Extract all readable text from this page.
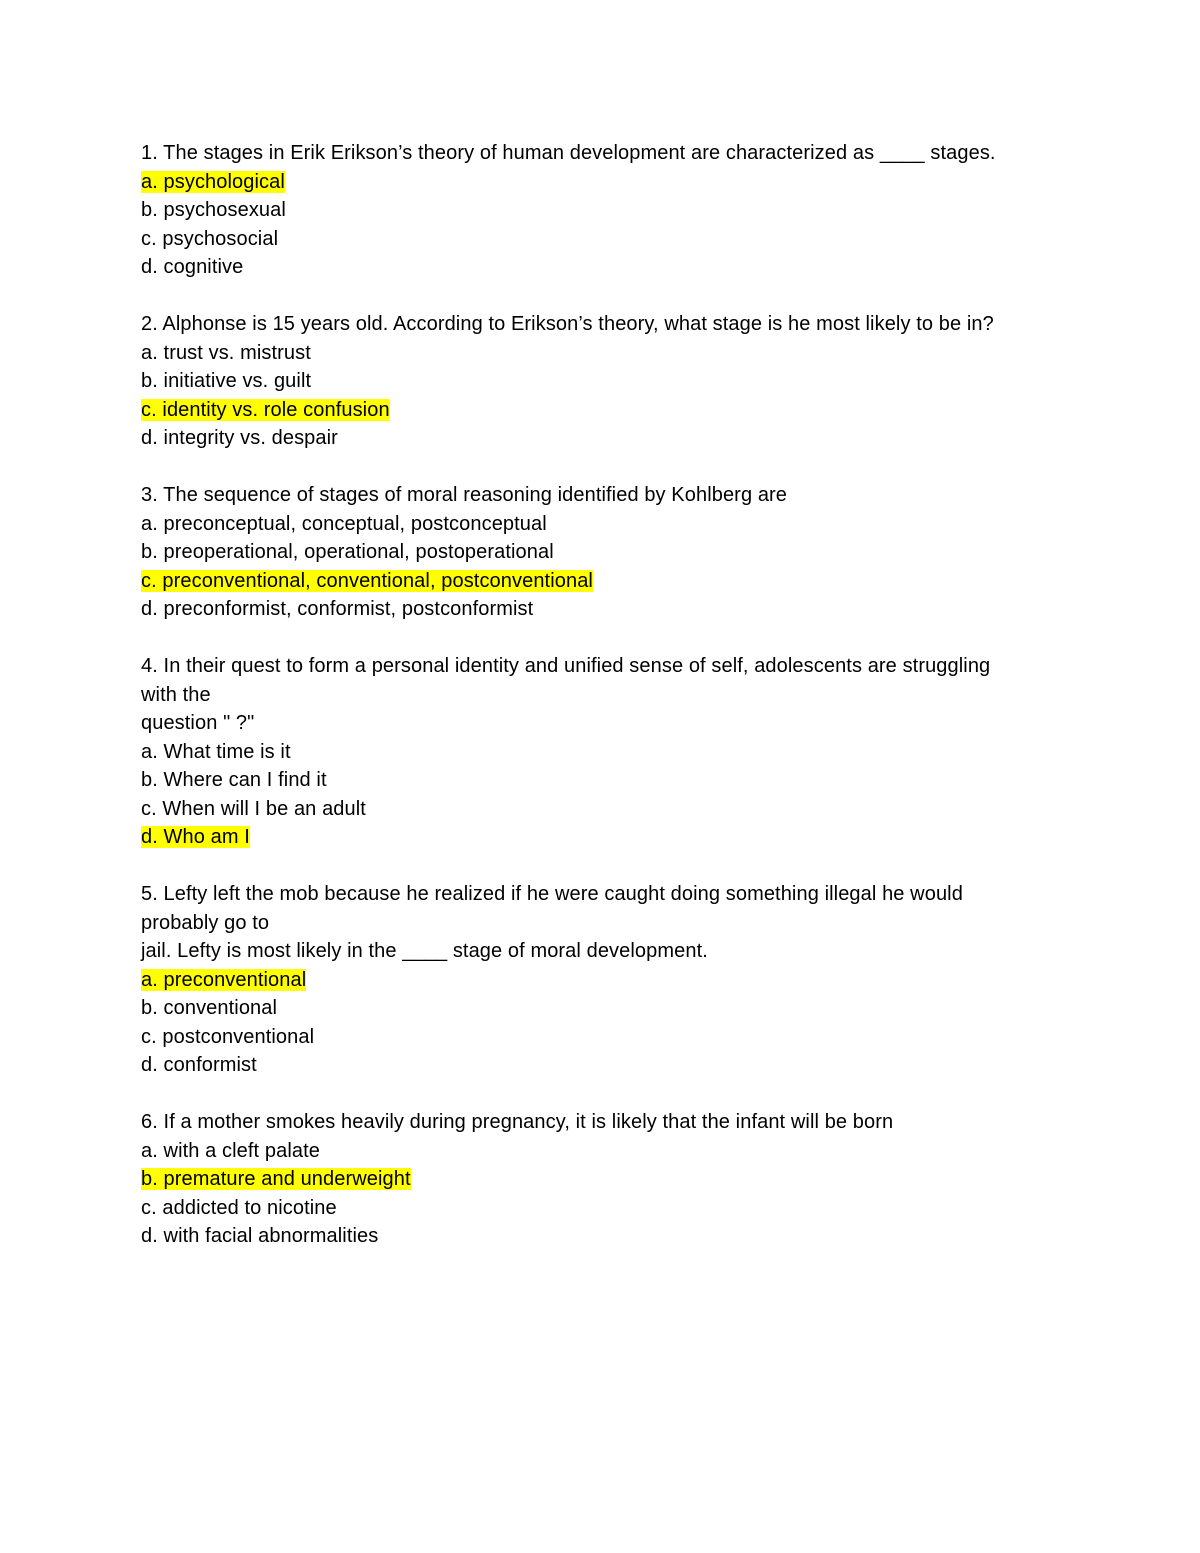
1. The stages in Erik Erikson’s theory of human development are characterized as ____ stages.
a. psychological
b. psychosexual
c. psychosocial
d. cognitive
2. Alphonse is 15 years old. According to Erikson’s theory, what stage is he most likely to be in?
a. trust vs. mistrust
b. initiative vs. guilt
c. identity vs. role confusion
d. integrity vs. despair
3. The sequence of stages of moral reasoning identified by Kohlberg are
a. preconceptual, conceptual, postconceptual
b. preoperational, operational, postoperational
c. preconventional, conventional, postconventional
d. preconformist, conformist, postconformist
4. In their quest to form a personal identity and unified sense of self, adolescents are struggling
with the
question " ?"
a. What time is it
b. Where can I find it
c. When will I be an adult
d. Who am I
5. Lefty left the mob because he realized if he were caught doing something illegal he would
probably go to
jail. Lefty is most likely in the ____ stage of moral development.
a. preconventional
b. conventional
c. postconventional
d. conformist
6. If a mother smokes heavily during pregnancy, it is likely that the infant will be born
a. with a cleft palate
b. premature and underweight
c. addicted to nicotine
d. with facial abnormalities
